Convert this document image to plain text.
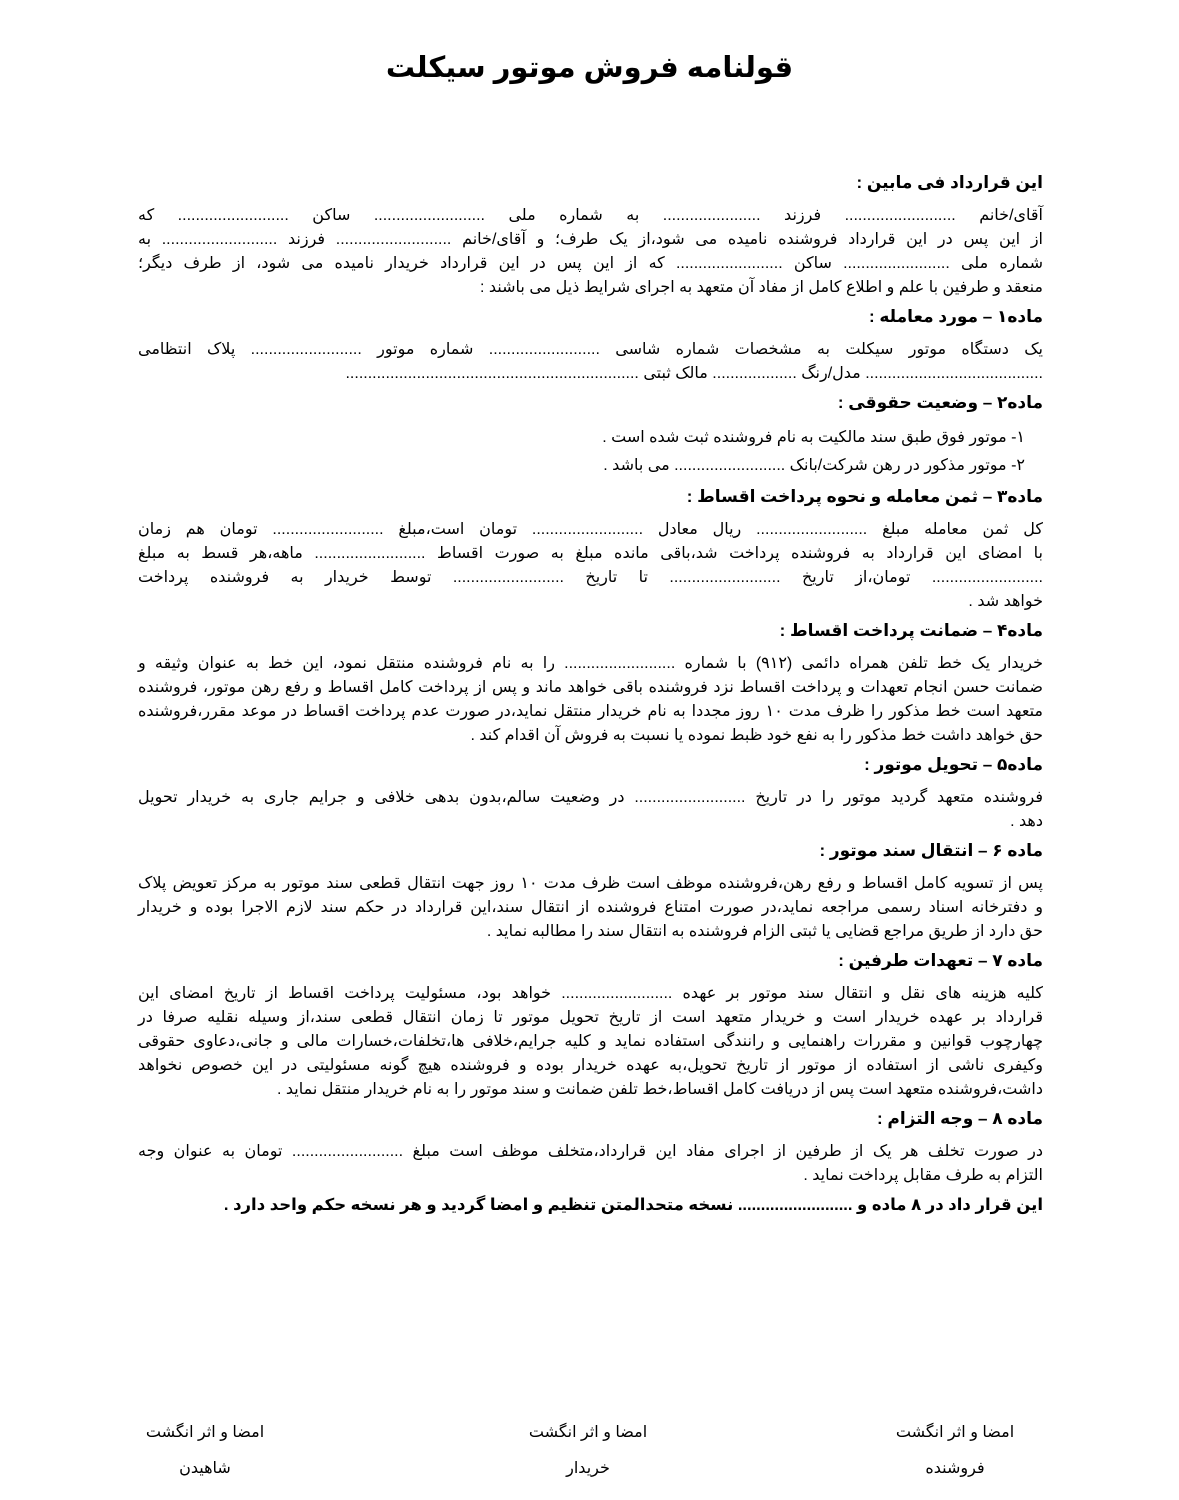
قولنامه فروش موتور سیکلت
این قرارداد فی مابین :
آقای/خانم ......................... فرزند ...................... به شماره ملی ......................... ساکن ......................... که
از این پس در این قرارداد فروشنده نامیده می شود،از یک طرف؛ و آقای/خانم .......................... فرزند .......................... به
شماره ملی ........................ ساکن ........................ که از این پس در این قرارداد خریدار نامیده می شود، از طرف دیگر؛
منعقد و طرفین با علم و اطلاع کامل از مفاد آن متعهد به اجرای شرایط ذیل می باشند :
ماده۱ – مورد معامله :
یک دستگاه موتور سیکلت به مشخصات شماره شاسی ......................... شماره موتور ......................... پلاک انتظامی
........................................ مدل/رنگ ................... مالک ثبتی ..................................................................
ماده۲ – وضعیت حقوقی :
۱- موتور فوق طبق سند مالکیت به نام فروشنده ثبت شده است .
۲- موتور مذکور در رهن شرکت/بانک ......................... می باشد .
ماده۳ – ثمن معامله و نحوه پرداخت اقساط :
کل ثمن معامله مبلغ ......................... ریال معادل ......................... تومان است،مبلغ ......................... تومان هم زمان
با امضای این قرارداد به فروشنده پرداخت شد،باقی مانده مبلغ به صورت اقساط ......................... ماهه،هر قسط به مبلغ
......................... تومان،از تاریخ ......................... تا تاریخ ......................... توسط خریدار به فروشنده پرداخت
خواهد شد .
ماده۴ – ضمانت پرداخت اقساط :
خریدار یک خط تلفن همراه دائمی (۹۱۲) با شماره ......................... را به نام فروشنده منتقل نمود، این خط به عنوان وثیقه و
ضمانت حسن انجام تعهدات و پرداخت اقساط نزد فروشنده باقی خواهد ماند و پس از پرداخت کامل اقساط و رفع رهن موتور، فروشنده
متعهد است خط مذکور را ظرف مدت ۱۰ روز مجددا به نام خریدار منتقل نماید،در صورت عدم پرداخت اقساط در موعد مقرر،فروشنده
حق خواهد داشت خط مذکور را به نفع خود ظبط نموده یا نسبت به فروش آن اقدام کند .
ماده۵ – تحویل موتور :
فروشنده متعهد گردید موتور را در تاریخ ......................... در وضعیت سالم،بدون بدهی خلافی و جرایم جاری به خریدار تحویل
دهد .
ماده ۶ – انتقال سند موتور :
پس از تسویه کامل اقساط و رفع رهن،فروشنده موظف است ظرف مدت ۱۰ روز جهت انتقال قطعی سند موتور به مرکز تعویض پلاک
و دفترخانه اسناد رسمی مراجعه نماید،در صورت امتناع فروشنده از انتقال سند،این قرارداد در حکم سند لازم الاجرا بوده و خریدار
حق دارد از طریق مراجع قضایی یا ثبتی الزام فروشنده به انتقال سند را مطالبه نماید .
ماده ۷ – تعهدات طرفین :
کلیه هزینه های نقل و انتقال سند موتور بر عهده ......................... خواهد بود، مسئولیت پرداخت اقساط از تاریخ امضای این
قرارداد بر عهده خریدار است و خریدار متعهد است از تاریخ تحویل موتور تا زمان انتقال قطعی سند،از وسیله نقلیه صرفا در
چهارچوب قوانین و مقررات راهنمایی و رانندگی استفاده نماید و کلیه جرایم،خلافی ها،تخلفات،خسارات مالی و جانی،دعاوی حقوقی
وکیفری ناشی از استفاده از موتور از تاریخ تحویل،به عهده خریدار بوده و فروشنده هیچ گونه مسئولیتی در این خصوص نخواهد
داشت،فروشنده متعهد است پس از دریافت کامل اقساط،خط تلفن ضمانت و سند موتور را به نام خریدار منتقل نماید .
ماده ۸ – وجه التزام :
در صورت تخلف هر یک از طرفین از اجرای مفاد این قرارداد،متخلف موظف است مبلغ ......................... تومان به عنوان وجه
التزام به طرف مقابل پرداخت نماید .
این قرار داد در ۸ ماده و ......................... نسخه متحدالمتن تنظیم و امضا گردید و هر نسخه حکم واحد دارد .
امضا و اثر انگشت
فروشنده
امضا و اثر انگشت
خریدار
امضا و اثر انگشت
شاهیدن
